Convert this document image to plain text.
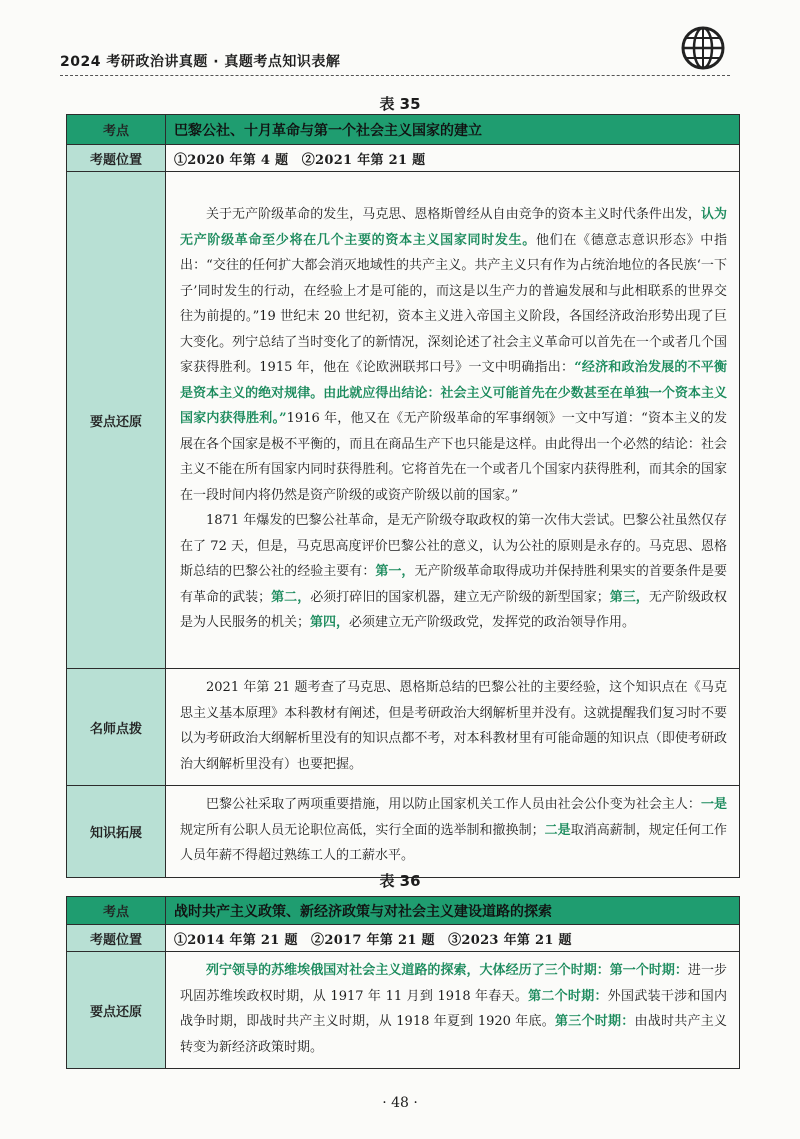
2024 考研政治讲真题 · 真题考点知识表解
表 35
考点	巴黎公社、十月革命与第一个社会主义国家的建立
考题位置	①2020 年第 4 题　②2021 年第 21 题
要点还原	关于无产阶级革命的发生，马克思、恩格斯曾经从自由竞争的资本主义时代条件出发，认为无产阶级革命至少将在几个主要的资本主义国家同时发生。他们在《德意志意识形态》中指出：“交往的任何扩大都会消灭地域性的共产主义。共产主义只有作为占统治地位的各民族‘一下子’同时发生的行动，在经验上才是可能的，而这是以生产力的普遍发展和与此相联系的世界交往为前提的。”19 世纪末 20 世纪初，资本主义进入帝国主义阶段，各国经济政治形势出现了巨大变化。列宁总结了当时变化了的新情况，深刻论述了社会主义革命可以首先在一个或者几个国家获得胜利。1915 年，他在《论欧洲联邦口号》一文中明确指出：“经济和政治发展的不平衡是资本主义的绝对规律。由此就应得出结论：社会主义可能首先在少数甚至在单独一个资本主义国家内获得胜利。”1916 年，他又在《无产阶级革命的军事纲领》一文中写道：“资本主义的发展在各个国家是极不平衡的，而且在商品生产下也只能是这样。由此得出一个必然的结论：社会主义不能在所有国家内同时获得胜利。它将首先在一个或者几个国家内获得胜利，而其余的国家在一段时间内将仍然是资产阶级的或资产阶级以前的国家。”

1871 年爆发的巴黎公社革命，是无产阶级夺取政权的第一次伟大尝试。巴黎公社虽然仅存在了 72 天，但是，马克思高度评价巴黎公社的意义，认为公社的原则是永存的。马克思、恩格斯总结的巴黎公社的经验主要有：第一，无产阶级革命取得成功并保持胜利果实的首要条件是要有革命的武装；第二，必须打碎旧的国家机器，建立无产阶级的新型国家；第三，无产阶级政权是为人民服务的机关；第四，必须建立无产阶级政党，发挥党的政治领导作用。

名师点拨	2021 年第 21 题考查了马克思、恩格斯总结的巴黎公社的主要经验，这个知识点在《马克思主义基本原理》本科教材有阐述，但是考研政治大纲解析里并没有。这就提醒我们复习时不要以为考研政治大纲解析里没有的知识点都不考，对本科教材里有可能命题的知识点（即使考研政治大纲解析里没有）也要把握。

知识拓展	巴黎公社采取了两项重要措施，用以防止国家机关工作人员由社会公仆变为社会主人：一是规定所有公职人员无论职位高低，实行全面的选举制和撤换制；二是取消高薪制，规定任何工作人员年薪不得超过熟练工人的工薪水平。

表 36
考点	战时共产主义政策、新经济政策与对社会主义建设道路的探索
考题位置	①2014 年第 21 题　②2017 年第 21 题　③2023 年第 21 题
要点还原	列宁领导的苏维埃俄国对社会主义道路的探索，大体经历了三个时期：第一个时期：进一步巩固苏维埃政权时期，从 1917 年 11 月到 1918 年春天。第二个时期：外国武装干涉和国内战争时期，即战时共产主义时期，从 1918 年夏到 1920 年底。第三个时期：由战时共产主义转变为新经济政策时期。

· 48 ·
